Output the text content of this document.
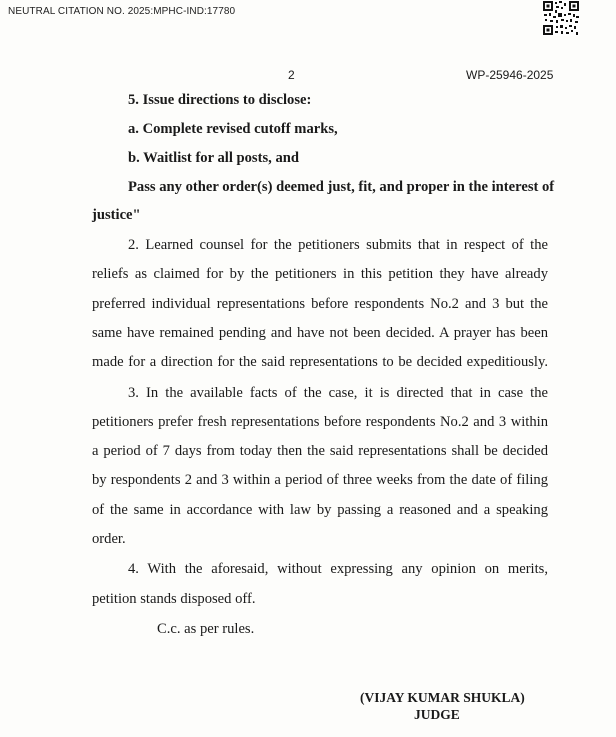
NEUTRAL CITATION NO. 2025:MPHC-IND:17780
2	WP-25946-2025
5. Issue directions to disclose:
a. Complete revised cutoff marks,
b. Waitlist for all posts, and
Pass any other order(s) deemed just, fit, and proper in the interest of
justice"
2. Learned counsel for the petitioners submits that in respect of the
reliefs as claimed for by the petitioners in this petition they have already
preferred individual representations before respondents No.2 and 3 but the
same have remained pending and have not been decided. A prayer has been
made for a direction for the said representations to be decided expeditiously.
3. In the available facts of the case, it is directed that in case the
petitioners prefer fresh representations before respondents No.2 and 3 within
a period of 7 days from today then the said representations shall be decided
by respondents 2 and 3 within a period of three weeks from the date of filing
of the same in accordance with law by passing a reasoned and a speaking
order.
4. With the aforesaid, without expressing any opinion on merits,
petition stands disposed off.
C.c. as per rules.
(VIJAY KUMAR SHUKLA)
JUDGE
